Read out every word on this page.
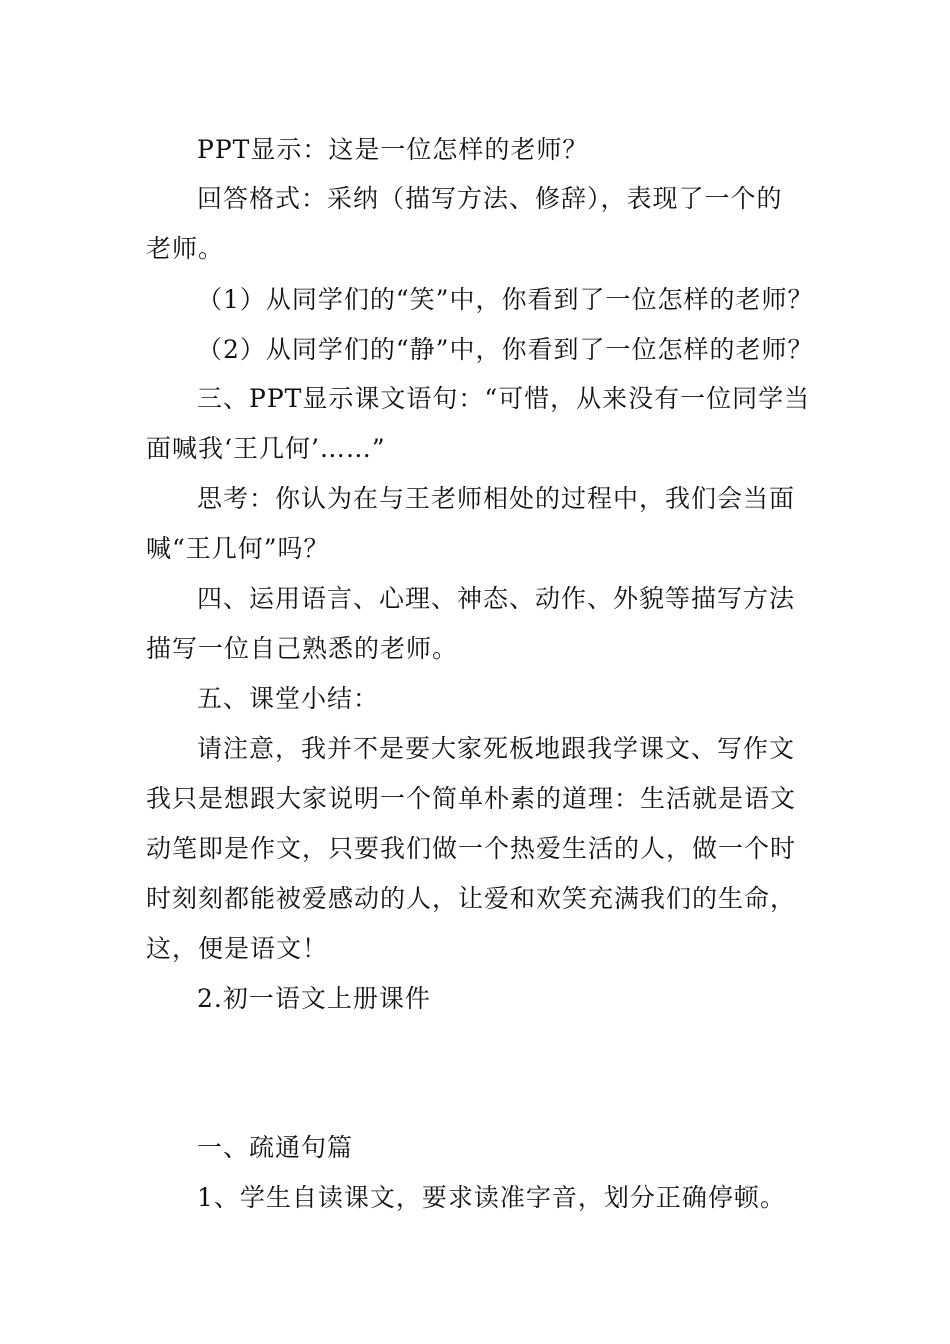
PPT显示：这是一位怎样的老师？
回答格式：采纳（描写方法、修辞），表现了一个的
老师。
（1）从同学们的“笑”中，你看到了一位怎样的老师？
（2）从同学们的“静”中，你看到了一位怎样的老师？
三、PPT显示课文语句：“可惜，从来没有一位同学当
面喊我‘王几何’……”
思考：你认为在与王老师相处的过程中，我们会当面
喊“王几何”吗？
四、运用语言、心理、神态、动作、外貌等描写方法
描写一位自己熟悉的老师。
五、课堂小结：
请注意，我并不是要大家死板地跟我学课文、写作文
我只是想跟大家说明一个简单朴素的道理：生活就是语文
动笔即是作文，只要我们做一个热爱生活的人，做一个时
时刻刻都能被爱感动的人，让爱和欢笑充满我们的生命，
这，便是语文！
2.初一语文上册课件
一、疏通句篇
1、学生自读课文，要求读准字音，划分正确停顿。
